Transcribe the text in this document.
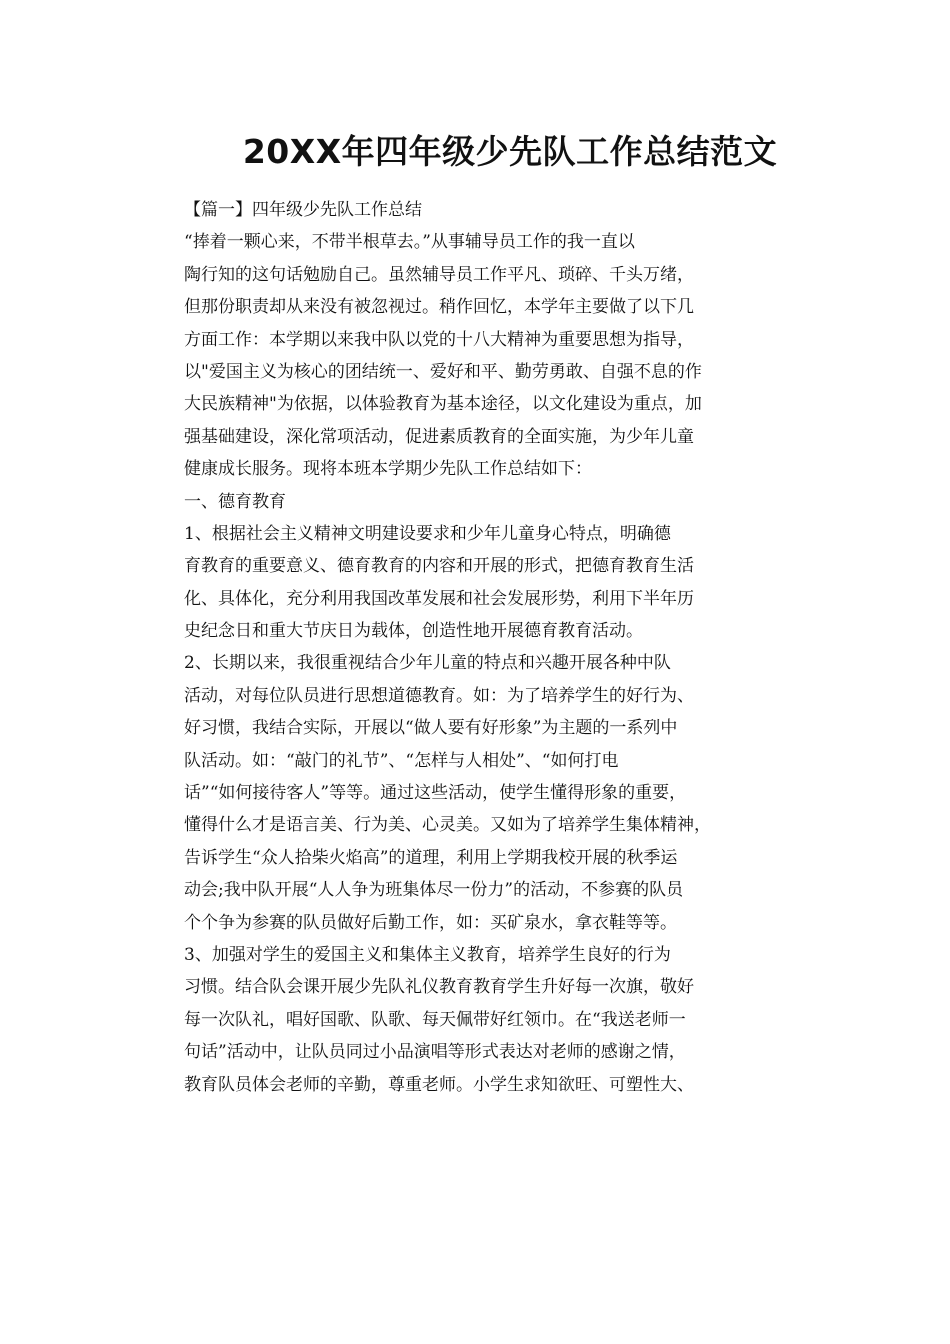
20XX年四年级少先队工作总结范文
【篇一】四年级少先队工作总结
“捧着一颗心来，不带半根草去。”从事辅导员工作的我一直以
陶行知的这句话勉励自己。虽然辅导员工作平凡、琐碎、千头万绪，
但那份职责却从来没有被忽视过。稍作回忆，本学年主要做了以下几
方面工作：本学期以来我中队以党的十八大精神为重要思想为指导，
以"爱国主义为核心的团结统一、爱好和平、勤劳勇敢、自强不息的作
大民族精神"为依据，以体验教育为基本途径，以文化建设为重点，加
强基础建设，深化常项活动，促进素质教育的全面实施，为少年儿童
健康成长服务。现将本班本学期少先队工作总结如下：
一、德育教育
1、根据社会主义精神文明建设要求和少年儿童身心特点，明确德
育教育的重要意义、德育教育的内容和开展的形式，把德育教育生活
化、具体化，充分利用我国改革发展和社会发展形势，利用下半年历
史纪念日和重大节庆日为载体，创造性地开展德育教育活动。
2、长期以来，我很重视结合少年儿童的特点和兴趣开展各种中队
活动，对每位队员进行思想道德教育。如：为了培养学生的好行为、
好习惯，我结合实际，开展以“做人要有好形象”为主题的一系列中
队活动。如：“敲门的礼节”、“怎样与人相处”、“如何打电
话”“如何接待客人”等等。通过这些活动，使学生懂得形象的重要，
懂得什么才是语言美、行为美、心灵美。又如为了培养学生集体精神，
告诉学生“众人拾柴火焰高”的道理，利用上学期我校开展的秋季运
动会;我中队开展“人人争为班集体尽一份力”的活动，不参赛的队员
个个争为参赛的队员做好后勤工作，如：买矿泉水，拿衣鞋等等。
3、加强对学生的爱国主义和集体主义教育，培养学生良好的行为
习惯。结合队会课开展少先队礼仪教育教育学生升好每一次旗，敬好
每一次队礼，唱好国歌、队歌、每天佩带好红领巾。在“我送老师一
句话”活动中，让队员同过小品演唱等形式表达对老师的感谢之情，
教育队员体会老师的辛勤，尊重老师。小学生求知欲旺、可塑性大、
